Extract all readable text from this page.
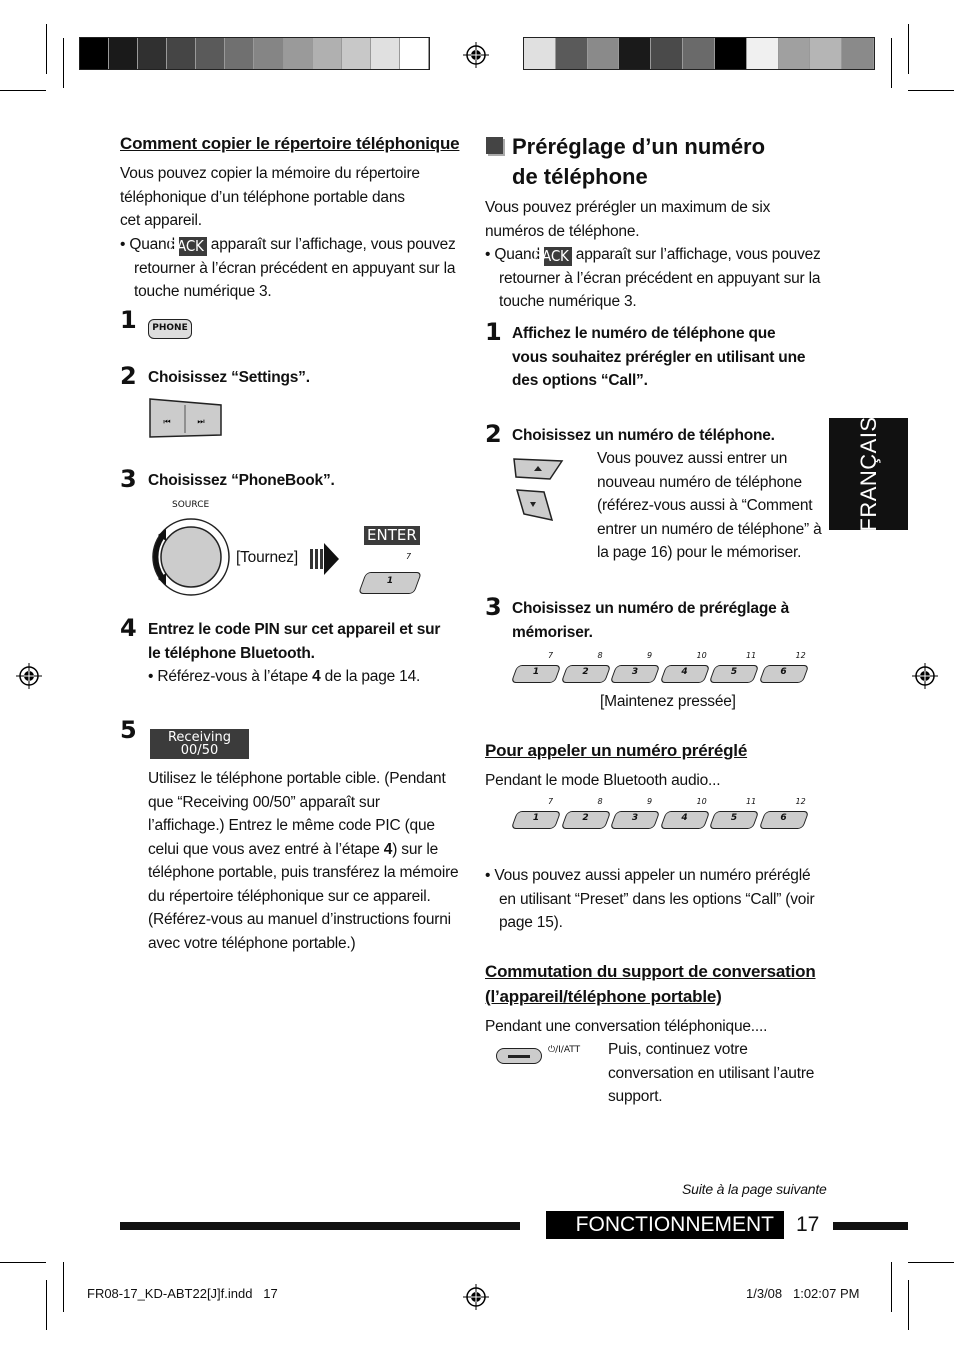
Comment copier le répertoire téléphonique
Vous pouvez copier la mémoire du répertoire téléphonique d’un téléphone portable dans cet appareil.
• Quand BACK apparaît sur l’affichage, vous pouvez retourner à l’écran précédent en appuyant sur la touche numérique 3.
1	PHONE
2 Choisissez “Settings”.
⏮	⏭
3 Choisissez “PhoneBook”.
SOURCE
[Tournez]
ENTER
7
1
4 Entrez le code PIN sur cet appareil et sur le téléphone Bluetooth.
• Référez-vous à l’étape 4 de la page 14.
5	Receiving
00/50
Utilisez le téléphone portable cible. (Pendant que “Receiving 00/50” apparaît sur l’affichage.) Entrez le même code PIC (que celui que vous avez entré à l’étape 4) sur le téléphone portable, puis transférez la mémoire du répertoire téléphonique sur ce appareil. (Référez-vous au manuel d’instructions fourni avec votre téléphone portable.)
Préréglage d’un numéro de téléphone
Vous pouvez prérégler un maximum de six numéros de téléphone.
• Quand BACK apparaît sur l’affichage, vous pouvez retourner à l’écran précédent en appuyant sur la touche numérique 3.
1 Affichez le numéro de téléphone que vous souhaitez prérégler en utilisant une des options “Call”.
2 Choisissez un numéro de téléphone.
Vous pouvez aussi entrer un nouveau numéro de téléphone (référez-vous aussi à “Comment entrer un numéro de téléphone” à la page 16) pour le mémoriser.
3 Choisissez un numéro de préréglage à mémoriser.
7
1
8
2
9
3
10
4
11
5
12
6
[Maintenez pressée]
Pour appeler un numéro préréglé
Pendant le mode Bluetooth audio...
7
1
8
2
9
3
10
4
11
5
12
6
• Vous pouvez aussi appeler un numéro préréglé en utilisant “Preset” dans les options “Call” (voir page 15).
Commutation du support de conversation
(l’appareil/téléphone portable)
Pendant une conversation téléphonique....
⏻/I/ATT Puis, continuez votre conversation en utilisant l’autre support.
FRANÇAIS
Suite à la page suivante
FONCTIONNEMENT 17
FR08-17_KD-ABT22[J]f.indd   17	1/3/08   1:02:07 PM
